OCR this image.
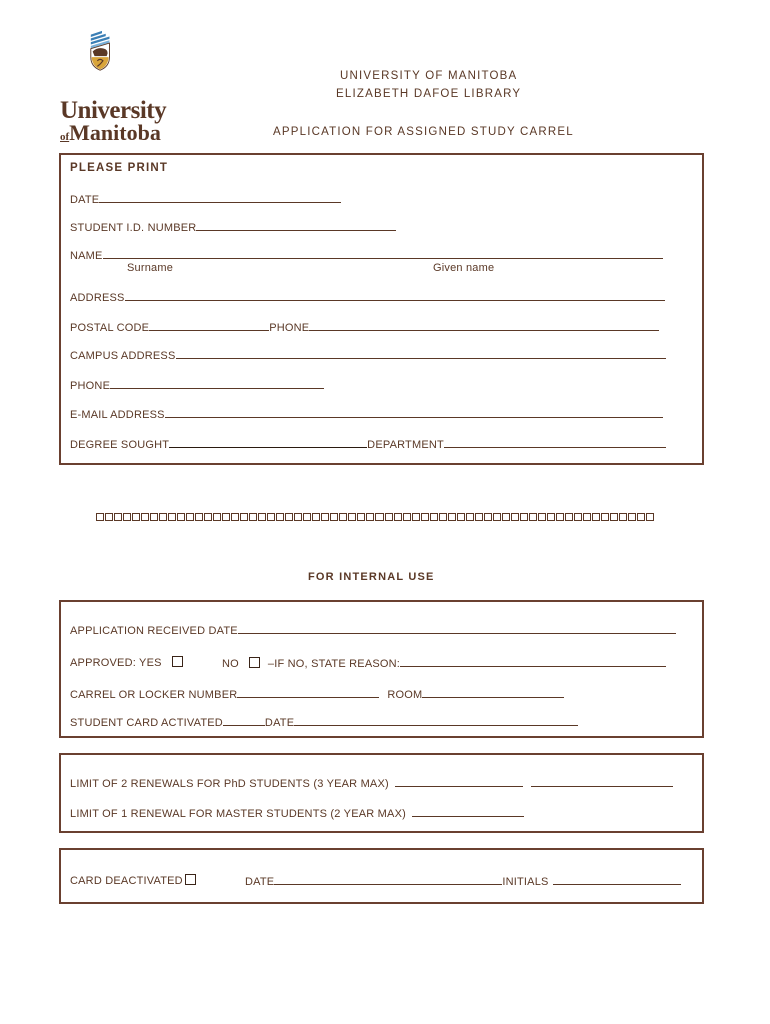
University
ofManitoba
UNIVERSITY OF MANITOBA
ELIZABETH DAFOE LIBRARY
APPLICATION FOR ASSIGNED STUDY CARREL
PLEASE PRINT
DATE
STUDENT I.D. NUMBER
NAME
Surname	Given name
ADDRESS
POSTAL CODE	PHONE
CAMPUS ADDRESS
PHONE
E-MAIL ADDRESS
DEGREE SOUGHT	DEPARTMENT
FOR INTERNAL USE
APPLICATION RECEIVED DATE
APPROVED: YES	NO	–IF NO, STATE REASON:
CARREL OR LOCKER NUMBER	ROOM
STUDENT CARD ACTIVATED	DATE
LIMIT OF 2 RENEWALS FOR PhD STUDENTS (3 YEAR MAX)
LIMIT OF 1 RENEWAL FOR MASTER STUDENTS (2 YEAR MAX)
CARD DEACTIVATED	DATE	INITIALS
